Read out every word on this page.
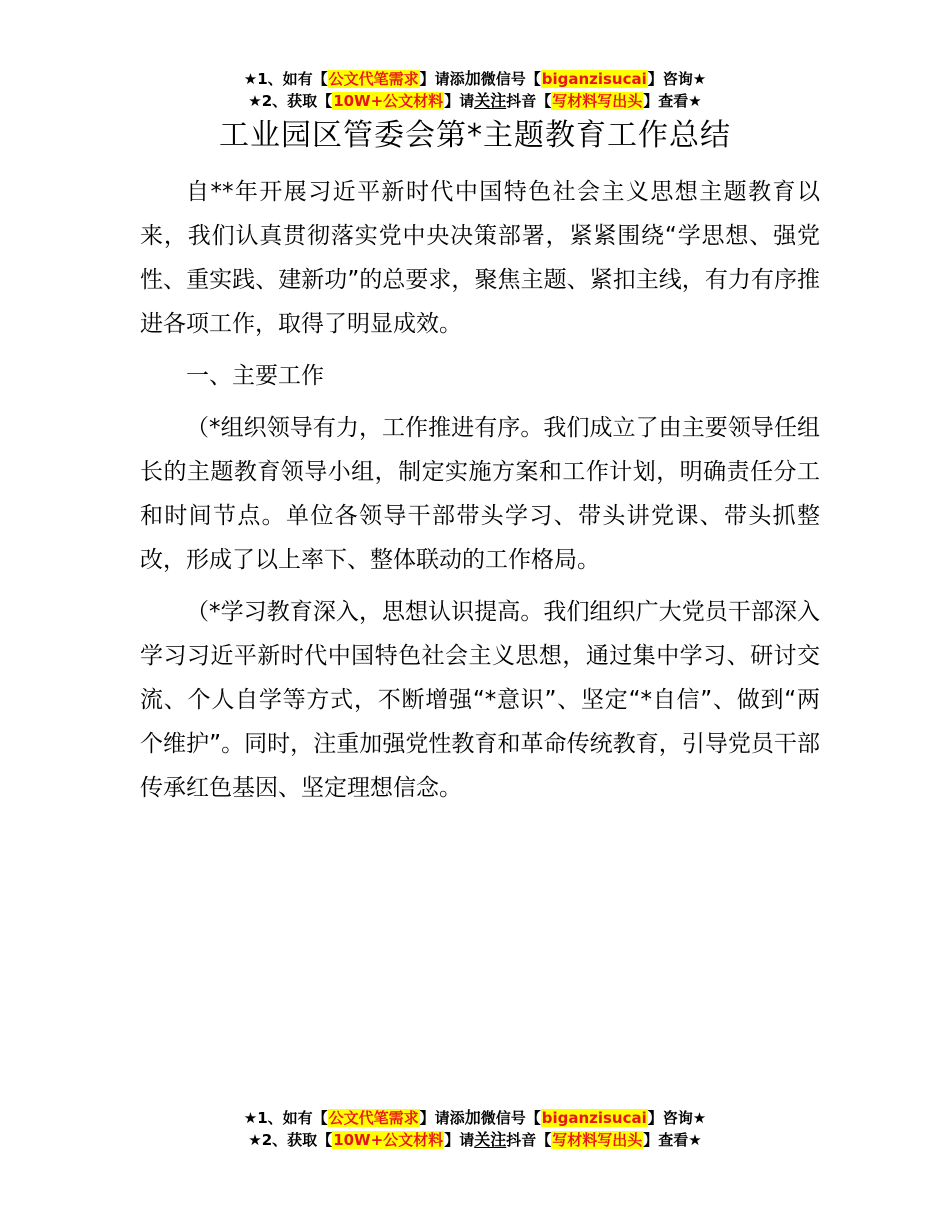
★1、如有【公文代笔需求】请添加微信号【biganzisucai】咨询★
★2、获取【10W+公文材料】请关注抖音【写材料写出头】查看★
工业园区管委会第*主题教育工作总结

自**年开展习近平新时代中国特色社会主义思想主题教育以来，我们认真贯彻落实党中央决策部署，紧紧围绕“学思想、强党性、重实践、建新功”的总要求，聚焦主题、紧扣主线，有力有序推进各项工作，取得了明显成效。

一、主要工作

（*组织领导有力，工作推进有序。我们成立了由主要领导任组长的主题教育领导小组，制定实施方案和工作计划，明确责任分工和时间节点。单位各领导干部带头学习、带头讲党课、带头抓整改，形成了以上率下、整体联动的工作格局。

（*学习教育深入，思想认识提高。我们组织广大党员干部深入学习习近平新时代中国特色社会主义思想，通过集中学习、研讨交流、个人自学等方式，不断增强“*意识”、坚定“*自信”、做到“两个维护”。同时，注重加强党性教育和革命传统教育，引导党员干部传承红色基因、坚定理想信念。

★1、如有【公文代笔需求】请添加微信号【biganzisucai】咨询★
★2、获取【10W+公文材料】请关注抖音【写材料写出头】查看★
